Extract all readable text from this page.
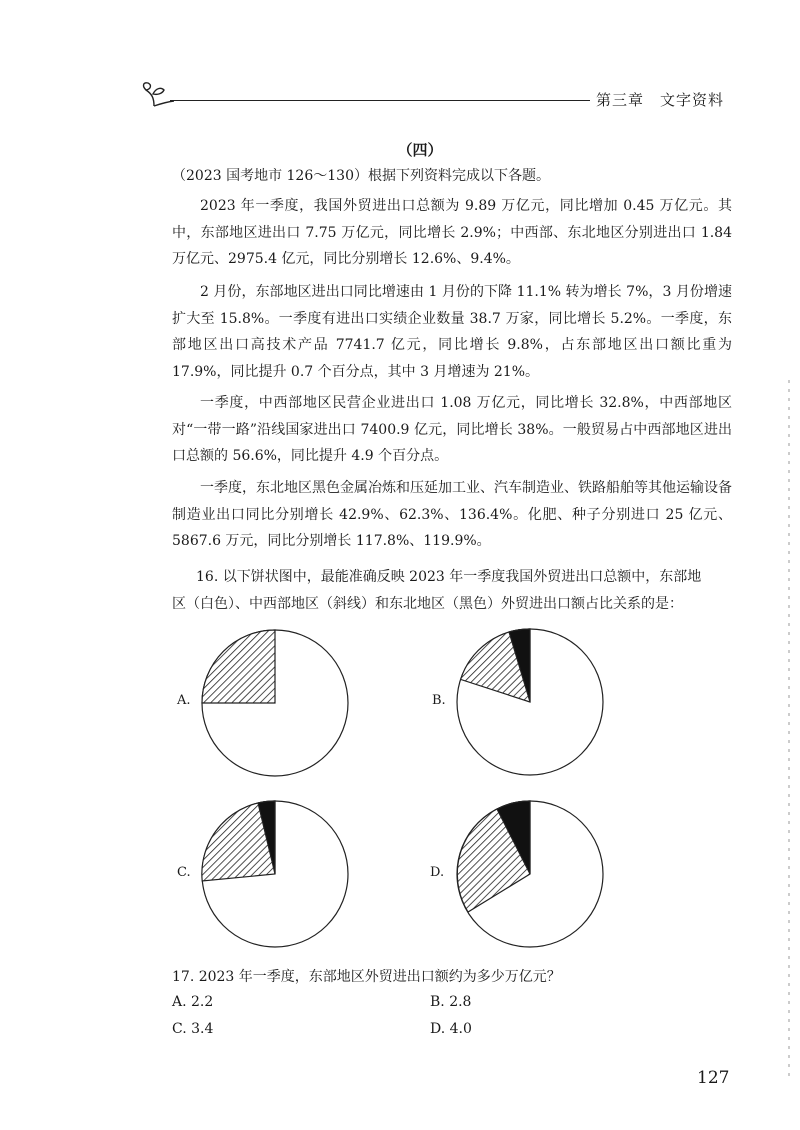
第三章　文字资料
（四）
（2023 国考地市 126～130）根据下列资料完成以下各题。
2023 年一季度，我国外贸进出口总额为 9.89 万亿元，同比增加 0.45 万亿元。其中，东部地区进出口 7.75 万亿元，同比增长 2.9%；中西部、东北地区分别进出口 1.84 万亿元、2975.4 亿元，同比分别增长 12.6%、9.4%。
2 月份，东部地区进出口同比增速由 1 月份的下降 11.1% 转为增长 7%，3 月份增速扩大至 15.8%。一季度有进出口实绩企业数量 38.7 万家，同比增长 5.2%。一季度，东部地区出口高技术产品 7741.7 亿元，同比增长 9.8%，占东部地区出口额比重为 17.9%，同比提升 0.7 个百分点，其中 3 月增速为 21%。
一季度，中西部地区民营企业进出口 1.08 万亿元，同比增长 32.8%，中西部地区对“一带一路”沿线国家进出口 7400.9 亿元，同比增长 38%。一般贸易占中西部地区进出口总额的 56.6%，同比提升 4.9 个百分点。
一季度，东北地区黑色金属冶炼和压延加工业、汽车制造业、铁路船舶等其他运输设备制造业出口同比分别增长 42.9%、62.3%、136.4%。化肥、种子分别进口 25 亿元、5867.6 万元，同比分别增长 117.8%、119.9%。
16. 以下饼状图中，最能准确反映 2023 年一季度我国外贸进出口总额中，东部地
区（白色）、中西部地区（斜线）和东北地区（黑色）外贸进出口额占比关系的是：
A.	B.
C.	D.
17. 2023 年一季度，东部地区外贸进出口额约为多少万亿元？
A. 2.2	B. 2.8
C. 3.4	D. 4.0
127
